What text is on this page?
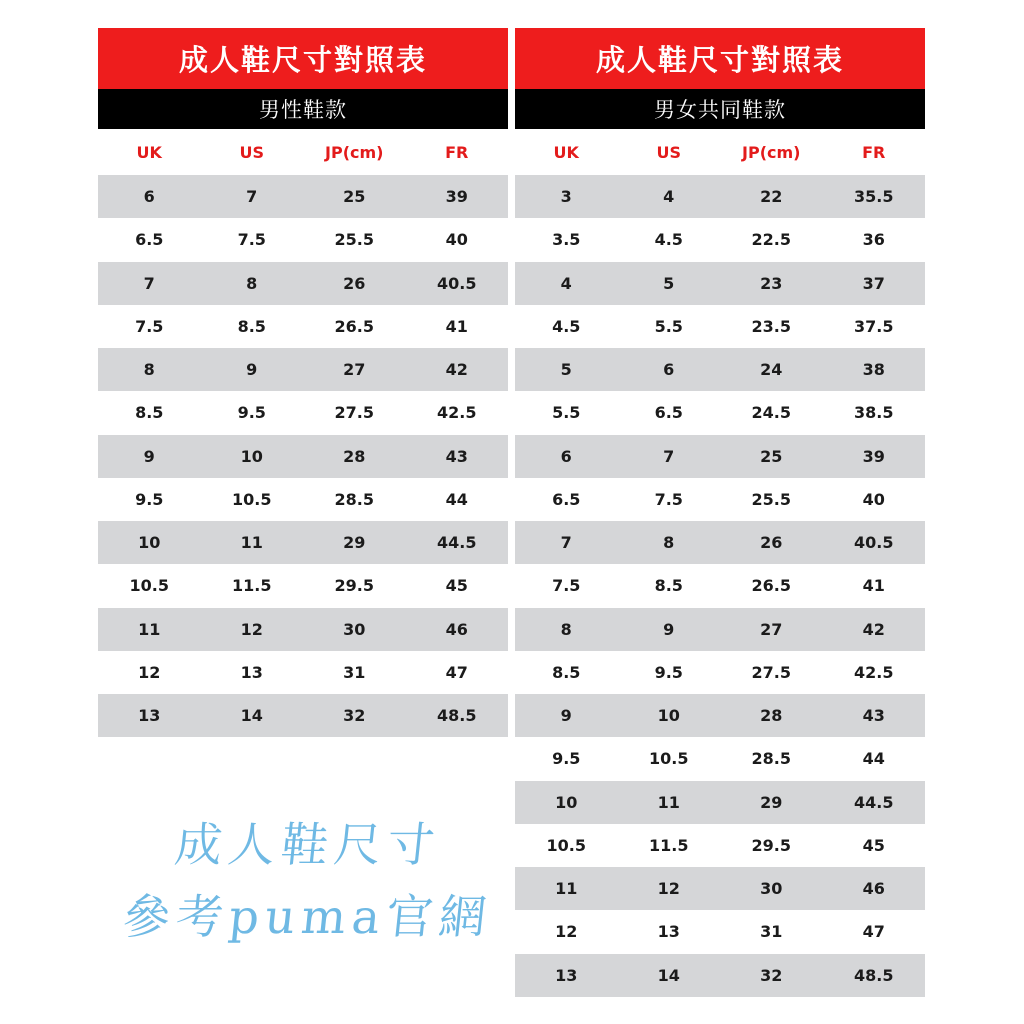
成人鞋尺寸對照表
男性鞋款
UK	US	JP(cm)	FR
6	7	25	39
6.5	7.5	25.5	40
7	8	26	40.5
7.5	8.5	26.5	41
8	9	27	42
8.5	9.5	27.5	42.5
9	10	28	43
9.5	10.5	28.5	44
10	11	29	44.5
10.5	11.5	29.5	45
11	12	30	46
12	13	31	47
13	14	32	48.5
成人鞋尺寸對照表
男女共同鞋款
UK	US	JP(cm)	FR
3	4	22	35.5
3.5	4.5	22.5	36
4	5	23	37
4.5	5.5	23.5	37.5
5	6	24	38
5.5	6.5	24.5	38.5
6	7	25	39
6.5	7.5	25.5	40
7	8	26	40.5
7.5	8.5	26.5	41
8	9	27	42
8.5	9.5	27.5	42.5
9	10	28	43
9.5	10.5	28.5	44
10	11	29	44.5
10.5	11.5	29.5	45
11	12	30	46
12	13	31	47
13	14	32	48.5
成人鞋尺寸
參考puma官網
